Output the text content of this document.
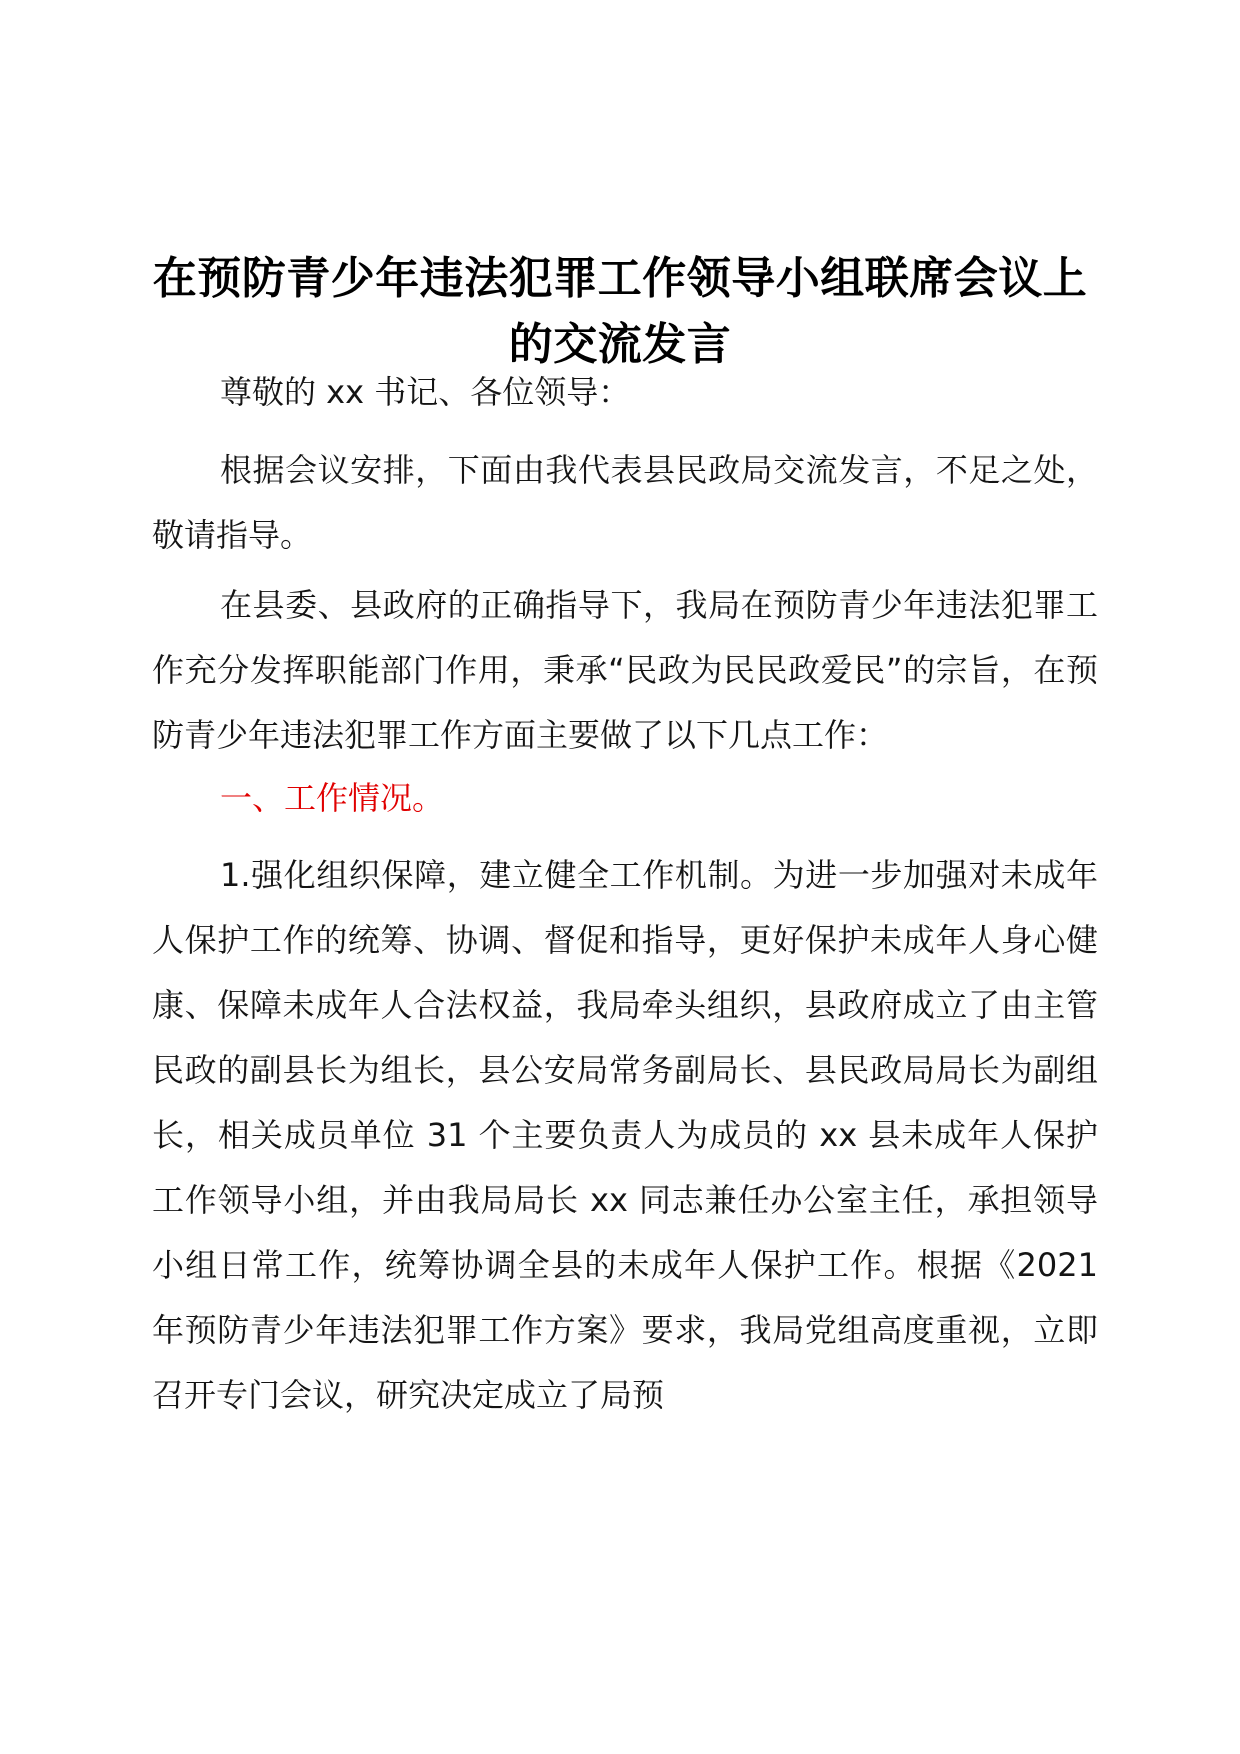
在预防青少年违法犯罪工作领导小组联席会议上的交流发言

尊敬的 xx 书记、各位领导：

根据会议安排，下面由我代表县民政局交流发言，不足之处，敬请指导。

在县委、县政府的正确指导下，我局在预防青少年违法犯罪工作充分发挥职能部门作用，秉承“民政为民民政爱民”的宗旨，在预防青少年违法犯罪工作方面主要做了以下几点工作：

一、工作情况。

1.强化组织保障，建立健全工作机制。为进一步加强对未成年人保护工作的统筹、协调、督促和指导，更好保护未成年人身心健康、保障未成年人合法权益，我局牵头组织，县政府成立了由主管民政的副县长为组长，县公安局常务副局长、县民政局局长为副组长，相关成员单位 31 个主要负责人为成员的 xx 县未成年人保护工作领导小组，并由我局局长 xx 同志兼任办公室主任，承担领导小组日常工作，统筹协调全县的未成年人保护工作。根据《2021 年预防青少年违法犯罪工作方案》要求，我局党组高度重视，立即召开专门会议，研究决定成立了局预
